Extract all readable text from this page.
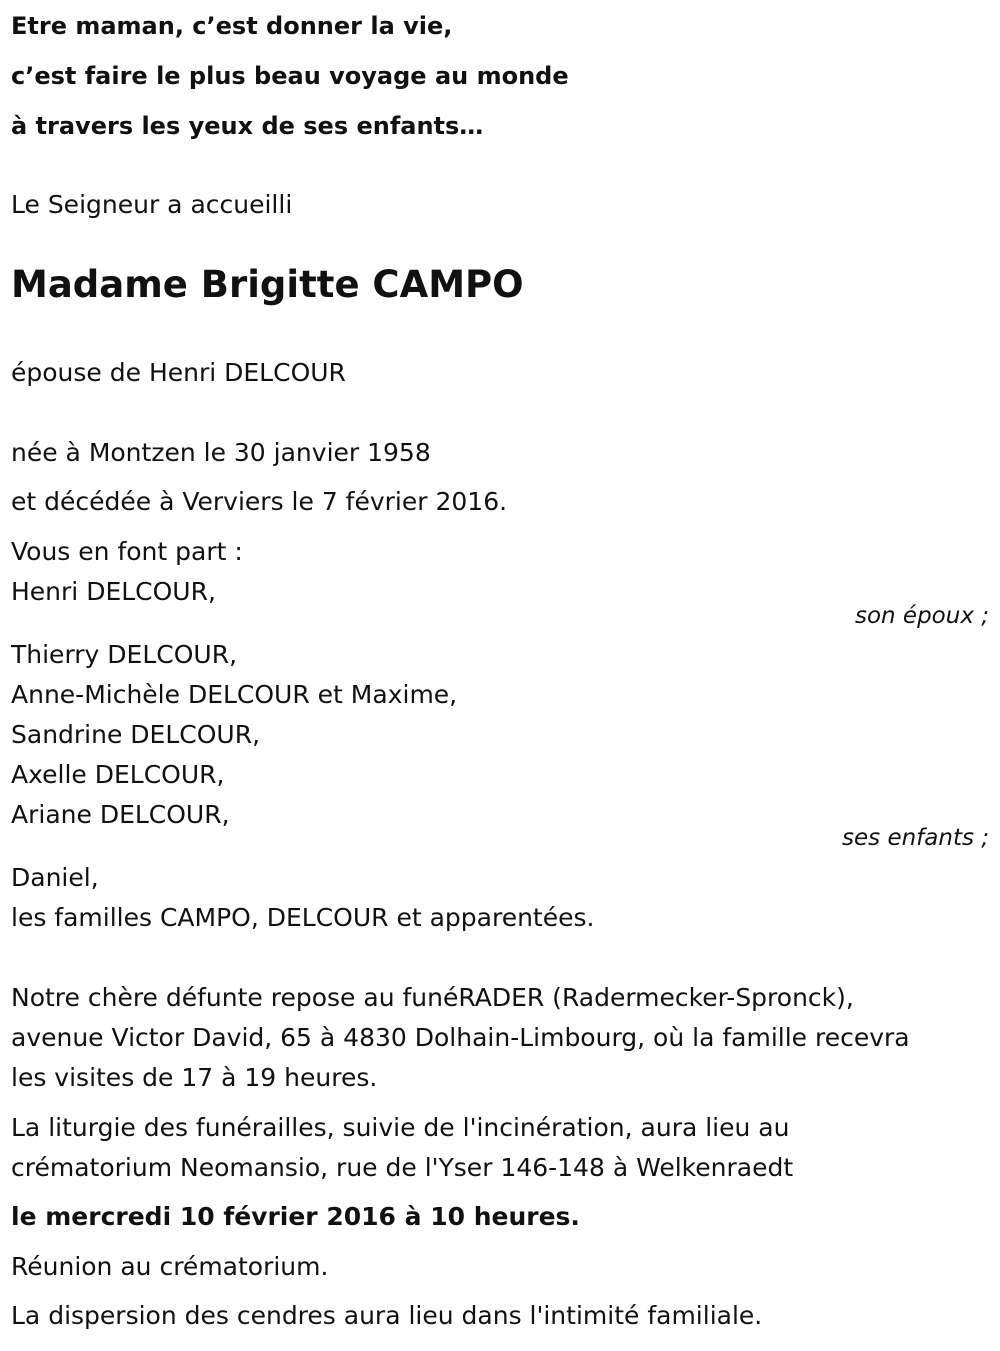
Etre maman, c’est donner la vie,
c’est faire le plus beau voyage au monde
à travers les yeux de ses enfants…
Le Seigneur a accueilli
Madame Brigitte CAMPO
épouse de Henri DELCOUR
née à Montzen le 30 janvier 1958
et décédée à Verviers le 7 février 2016.
Vous en font part :
Henri DELCOUR,
son époux ;
Thierry DELCOUR,
Anne-Michèle DELCOUR et Maxime,
Sandrine DELCOUR,
Axelle DELCOUR,
Ariane DELCOUR,
ses enfants ;
Daniel,
les familles CAMPO, DELCOUR et apparentées.
Notre chère défunte repose au funéRADER (Radermecker-Spronck),
avenue Victor David, 65 à 4830 Dolhain-Limbourg, où la famille recevra
les visites de 17 à 19 heures.
La liturgie des funérailles, suivie de l'incinération, aura lieu au
crématorium Neomansio, rue de l'Yser 146-148 à Welkenraedt
le mercredi 10 février 2016 à 10 heures.
Réunion au crématorium.
La dispersion des cendres aura lieu dans l'intimité familiale.
